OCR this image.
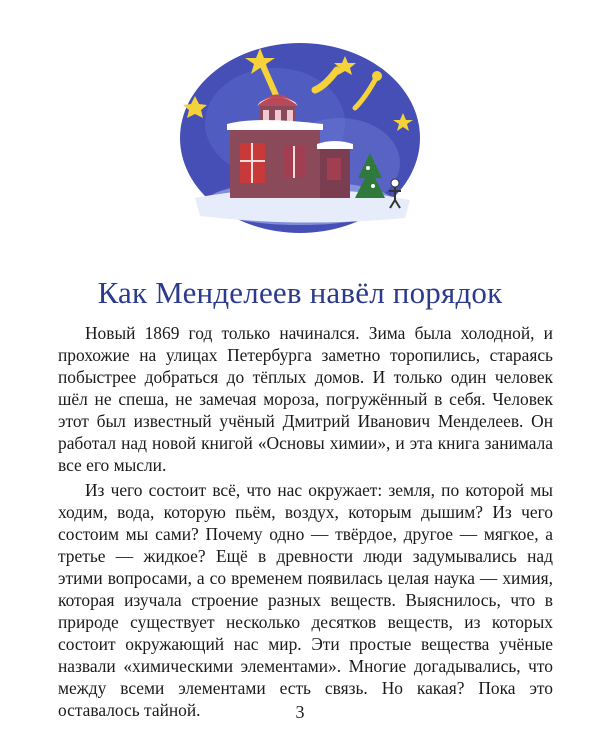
Как Менделеев навёл порядок

Новый 1869 год только начинался. Зима была холодной, и прохожие на улицах Петербурга заметно торопились, стараясь побыстрее добраться до тёплых домов. И только один человек шёл не спеша, не замечая мороза, погружённый в себя. Человек этот был известный учёный Дмитрий Иванович Менделеев. Он работал над новой книгой «Основы химии», и эта книга занимала все его мысли.

Из чего состоит всё, что нас окружает: земля, по которой мы ходим, вода, которую пьём, воздух, которым дышим? Из чего состоим мы сами? Почему одно — твёрдое, другое — мягкое, а третье — жидкое? Ещё в древности люди задумывались над этими вопросами, а со временем появилась целая наука — химия, которая изучала строение разных веществ. Выяснилось, что в природе существует несколько десятков веществ, из которых состоит окружающий нас мир. Эти простые вещества учёные назвали «химическими элементами». Многие догадывались, что между всеми элементами есть связь. Но какая? Пока это оставалось тайной.	3
